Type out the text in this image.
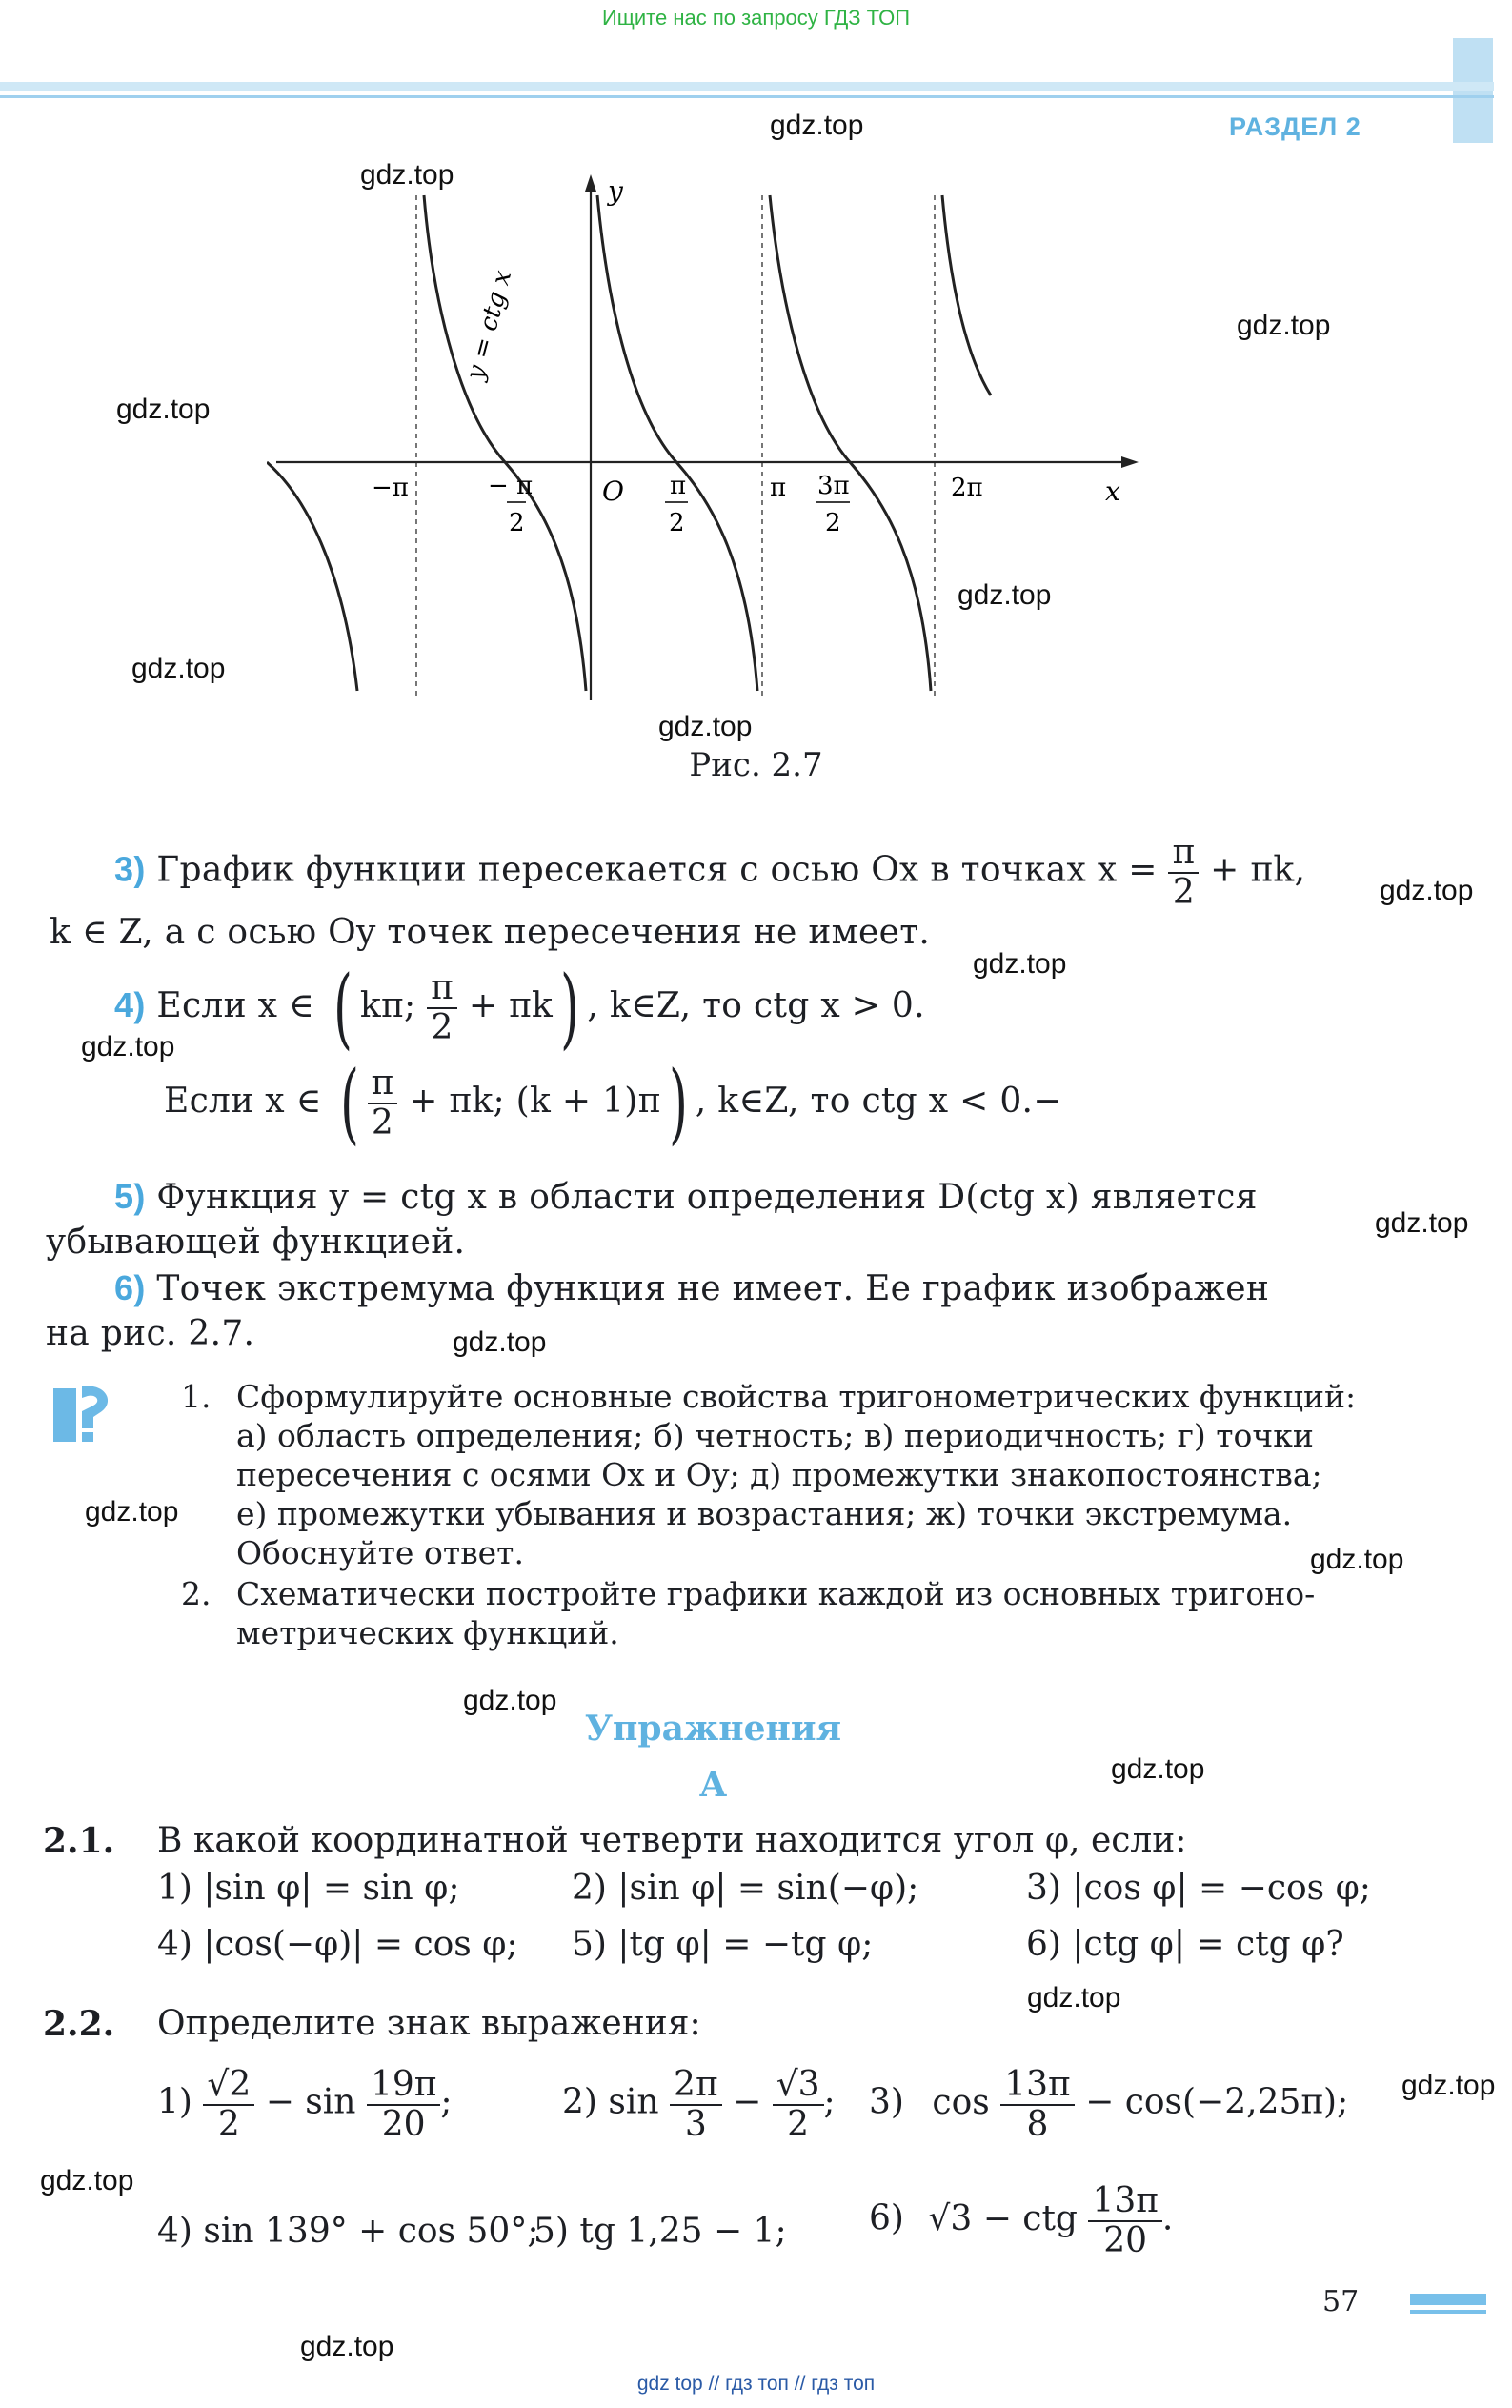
Ищите нас по запросу ГДЗ ТОП
РАЗДЕЛ 2
y
x
O
y = ctg x
−π	− π
2
π
2
π 3π
2
2π
Рис. 2.7
3) График функции пересекается с осью Ox в точках $x = \frac{\pi}{2} + \pi k$,
k ∈ Z, а с осью Oy точек пересечения не имеет.
4) Если x ∈ ( kπ; $\frac{\pi}{2} + \pi k$) , k∈Z, то ctg x > 0.
Если x ∈ ( $\frac{\pi}{2} + \pi k$; (k + 1)π) , k∈Z, то ctg x < 0.−
5) Функция y = ctg x в области определения D(ctg x) является
убывающей функцией.
6) Точек экстремума функция не имеет. Ее график изображен
на рис. 2.7.
1. Сформулируйте основные свойства тригонометрических функций:
а) область определения; б) четность; в) периодичность; г) точки
пересечения с осями Ox и Oy; д) промежутки знакопостоянства;
е) промежутки убывания и возрастания; ж) точки экстремума.
Обоснуйте ответ.
2. Схематически постройте графики каждой из основных тригоно-
метрических функций.
Упражнения
А
2.1. В какой координатной четверти находится угол φ, если:
1) |sin φ| = sin φ;	2) |sin φ| = sin(−φ);	3) |cos φ| = −cos φ;
4) |cos(−φ)| = cos φ; 5) |tg φ| = −tg φ;	6) |ctg φ| = ctg φ?
2.2. Определите знак выражения:
$1) \frac{√2}{2} - \sin \frac{19\pi}{20}$ ;	2) $\sin \frac{2\pi}{3} - \frac{√3}{2}$ ; 3) $\cos \frac{13\pi}{8} - \cos(-2,25\pi)$;
4) sin 139° + cos 50°;
5) tg 1,25 − 1; 6) √3 − ctg $\frac{13\pi}{20}$ .
gdz.top
gdz.top
gdz.top
gdz.top
gdz.top
gdz.top
gdz.top
gdz.top
gdz.top
gdz.top
gdz.top
gdz.top
gdz.top
gdz.top
gdz.top
gdz.top
gdz.top
gdz.top
gdz.top
gdz.top
57
gdz top // гдз топ // гдз топ
